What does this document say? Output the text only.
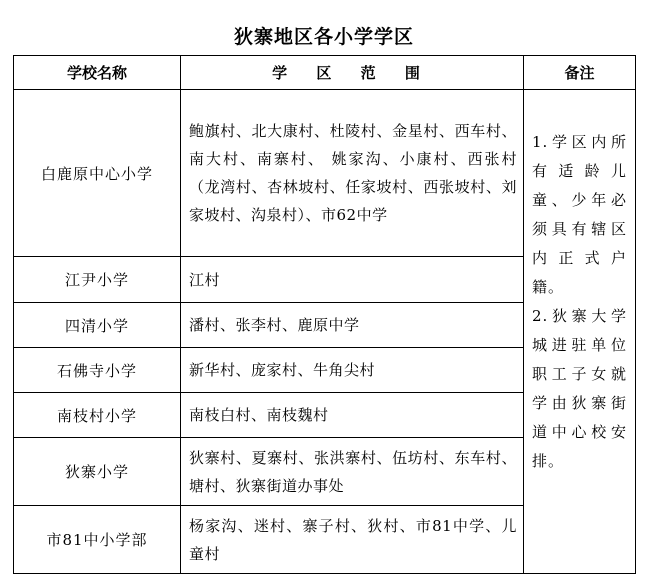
狄寨地区各小学学区
学校名称	学 区 范 围	备注
白鹿原中心小学	鲍旗村、北大康村、杜陵村、金星村、西车村、南大村、南寨村、 姚家沟、小康村、西张村（龙湾村、杏林坡村、任家坡村、西张坡村、刘家坡村、沟泉村）、市62中学	1.学区内所有适龄儿童、少年必须具有辖区内正式户籍。

2.狄寨大学城进驻单位职工子女就学由狄寨街道中心校安排。

江尹小学	江村	
四清小学	潘村、张李村、鹿原中学	
石佛寺小学	新华村、庞家村、牛角尖村	
南枝村小学	南枝白村、南枝魏村	
狄寨小学	狄寨村、夏寨村、张洪寨村、伍坊村、东车村、塘村、狄寨街道办事处	
市81中小学部	杨家沟、迷村、寨子村、狄村、市81中学、儿童村	
